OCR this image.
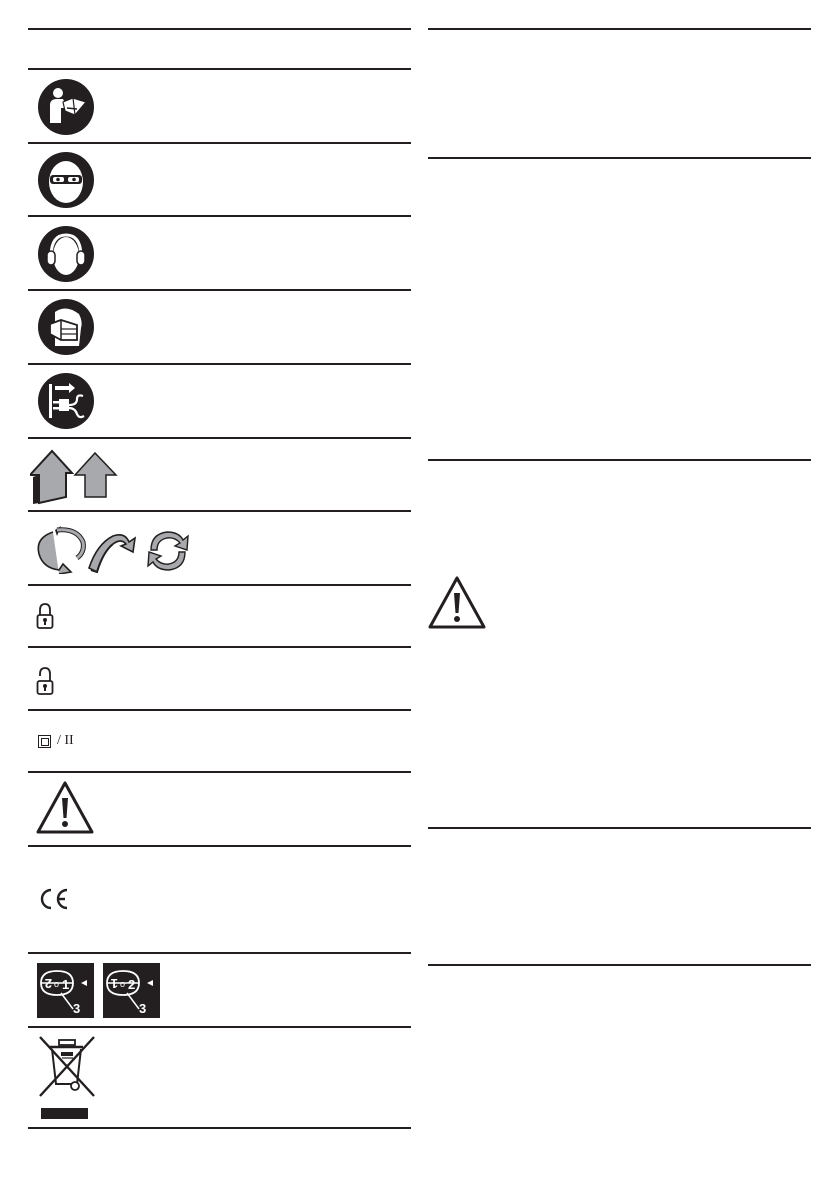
/ II
2 o 1
3
1 o 2
3
